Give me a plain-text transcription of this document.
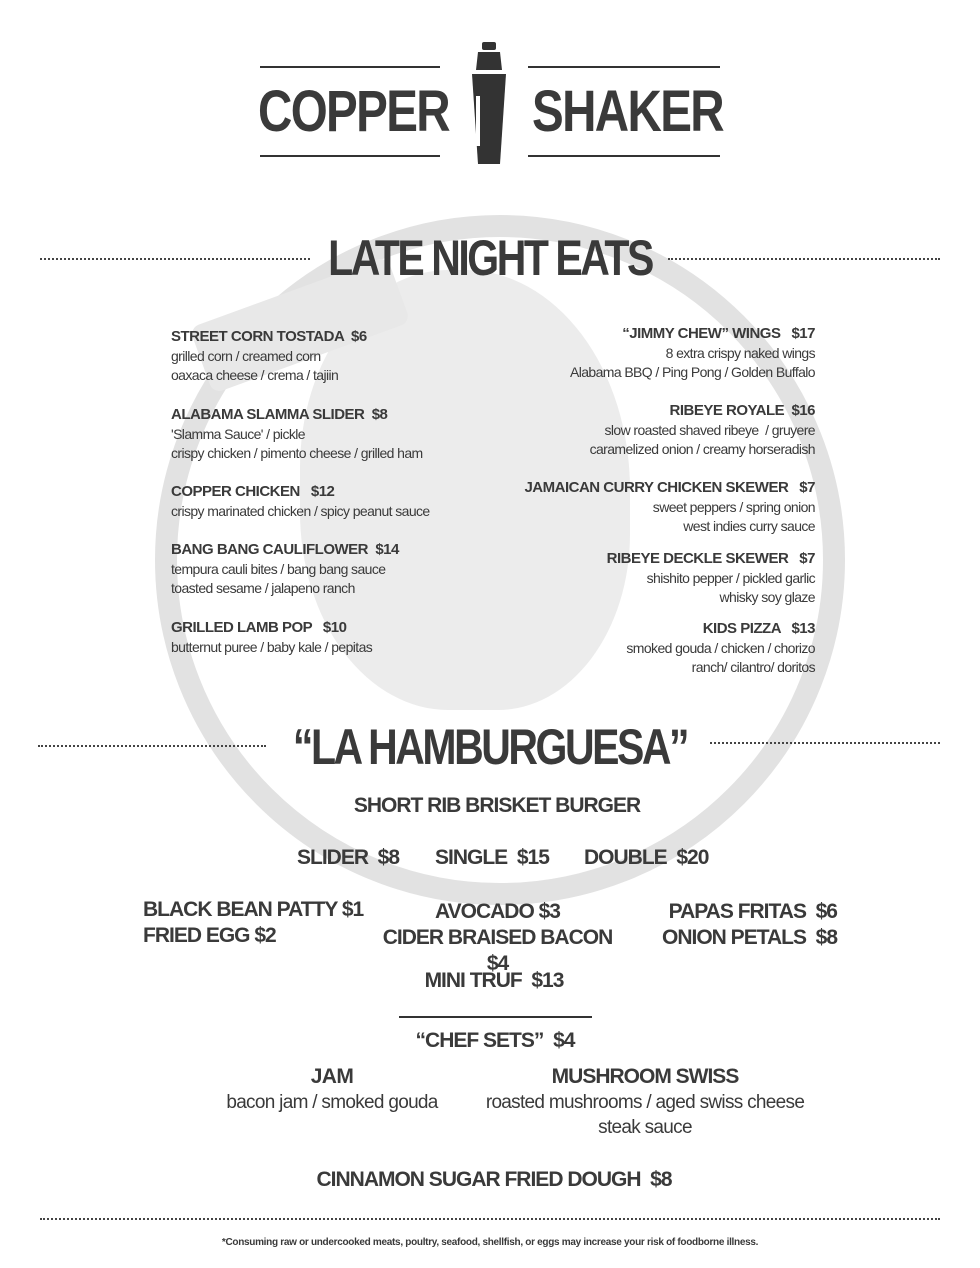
COPPER SHAKER
LATE NIGHT EATS
STREET CORN TOSTADA  $6
grilled corn / creamed corn
oaxaca cheese / crema / tajiin
ALABAMA SLAMMA SLIDER  $8
'Slamma Sauce' / pickle
crispy chicken / pimento cheese / grilled ham
COPPER CHICKEN   $12
crispy marinated chicken / spicy peanut sauce
BANG BANG CAULIFLOWER  $14
tempura cauli bites / bang bang sauce
toasted sesame / jalapeno ranch
GRILLED LAMB POP   $10
butternut puree / baby kale / pepitas
“JIMMY CHEW” WINGS   $17
8 extra crispy naked wings
Alabama BBQ / Ping Pong / Golden Buffalo
RIBEYE ROYALE  $16
slow roasted shaved ribeye  / gruyere
caramelized onion / creamy horseradish
JAMAICAN CURRY CHICKEN SKEWER   $7
sweet peppers / spring onion
west indies curry sauce
RIBEYE DECKLE SKEWER   $7
shishito pepper / pickled garlic
whisky soy glaze
KIDS PIZZA   $13
smoked gouda / chicken / chorizo
ranch/ cilantro/ doritos
“LA HAMBURGUESA”
SHORT RIB BRISKET BURGER
SLIDER  $8 SINGLE  $15 DOUBLE  $20
BLACK BEAN PATTY $1
FRIED EGG $2
AVOCADO $3
CIDER BRAISED BACON $4
PAPAS FRITAS  $6
ONION PETALS  $8
MINI TRUF  $13
“CHEF SETS”  $4
JAM
bacon jam / smoked gouda
MUSHROOM SWISS
roasted mushrooms / aged swiss cheese
steak sauce
CINNAMON SUGAR FRIED DOUGH  $8
*Consuming raw or undercooked meats, poultry, seafood, shellfish, or eggs may increase your risk of foodborne illness.
